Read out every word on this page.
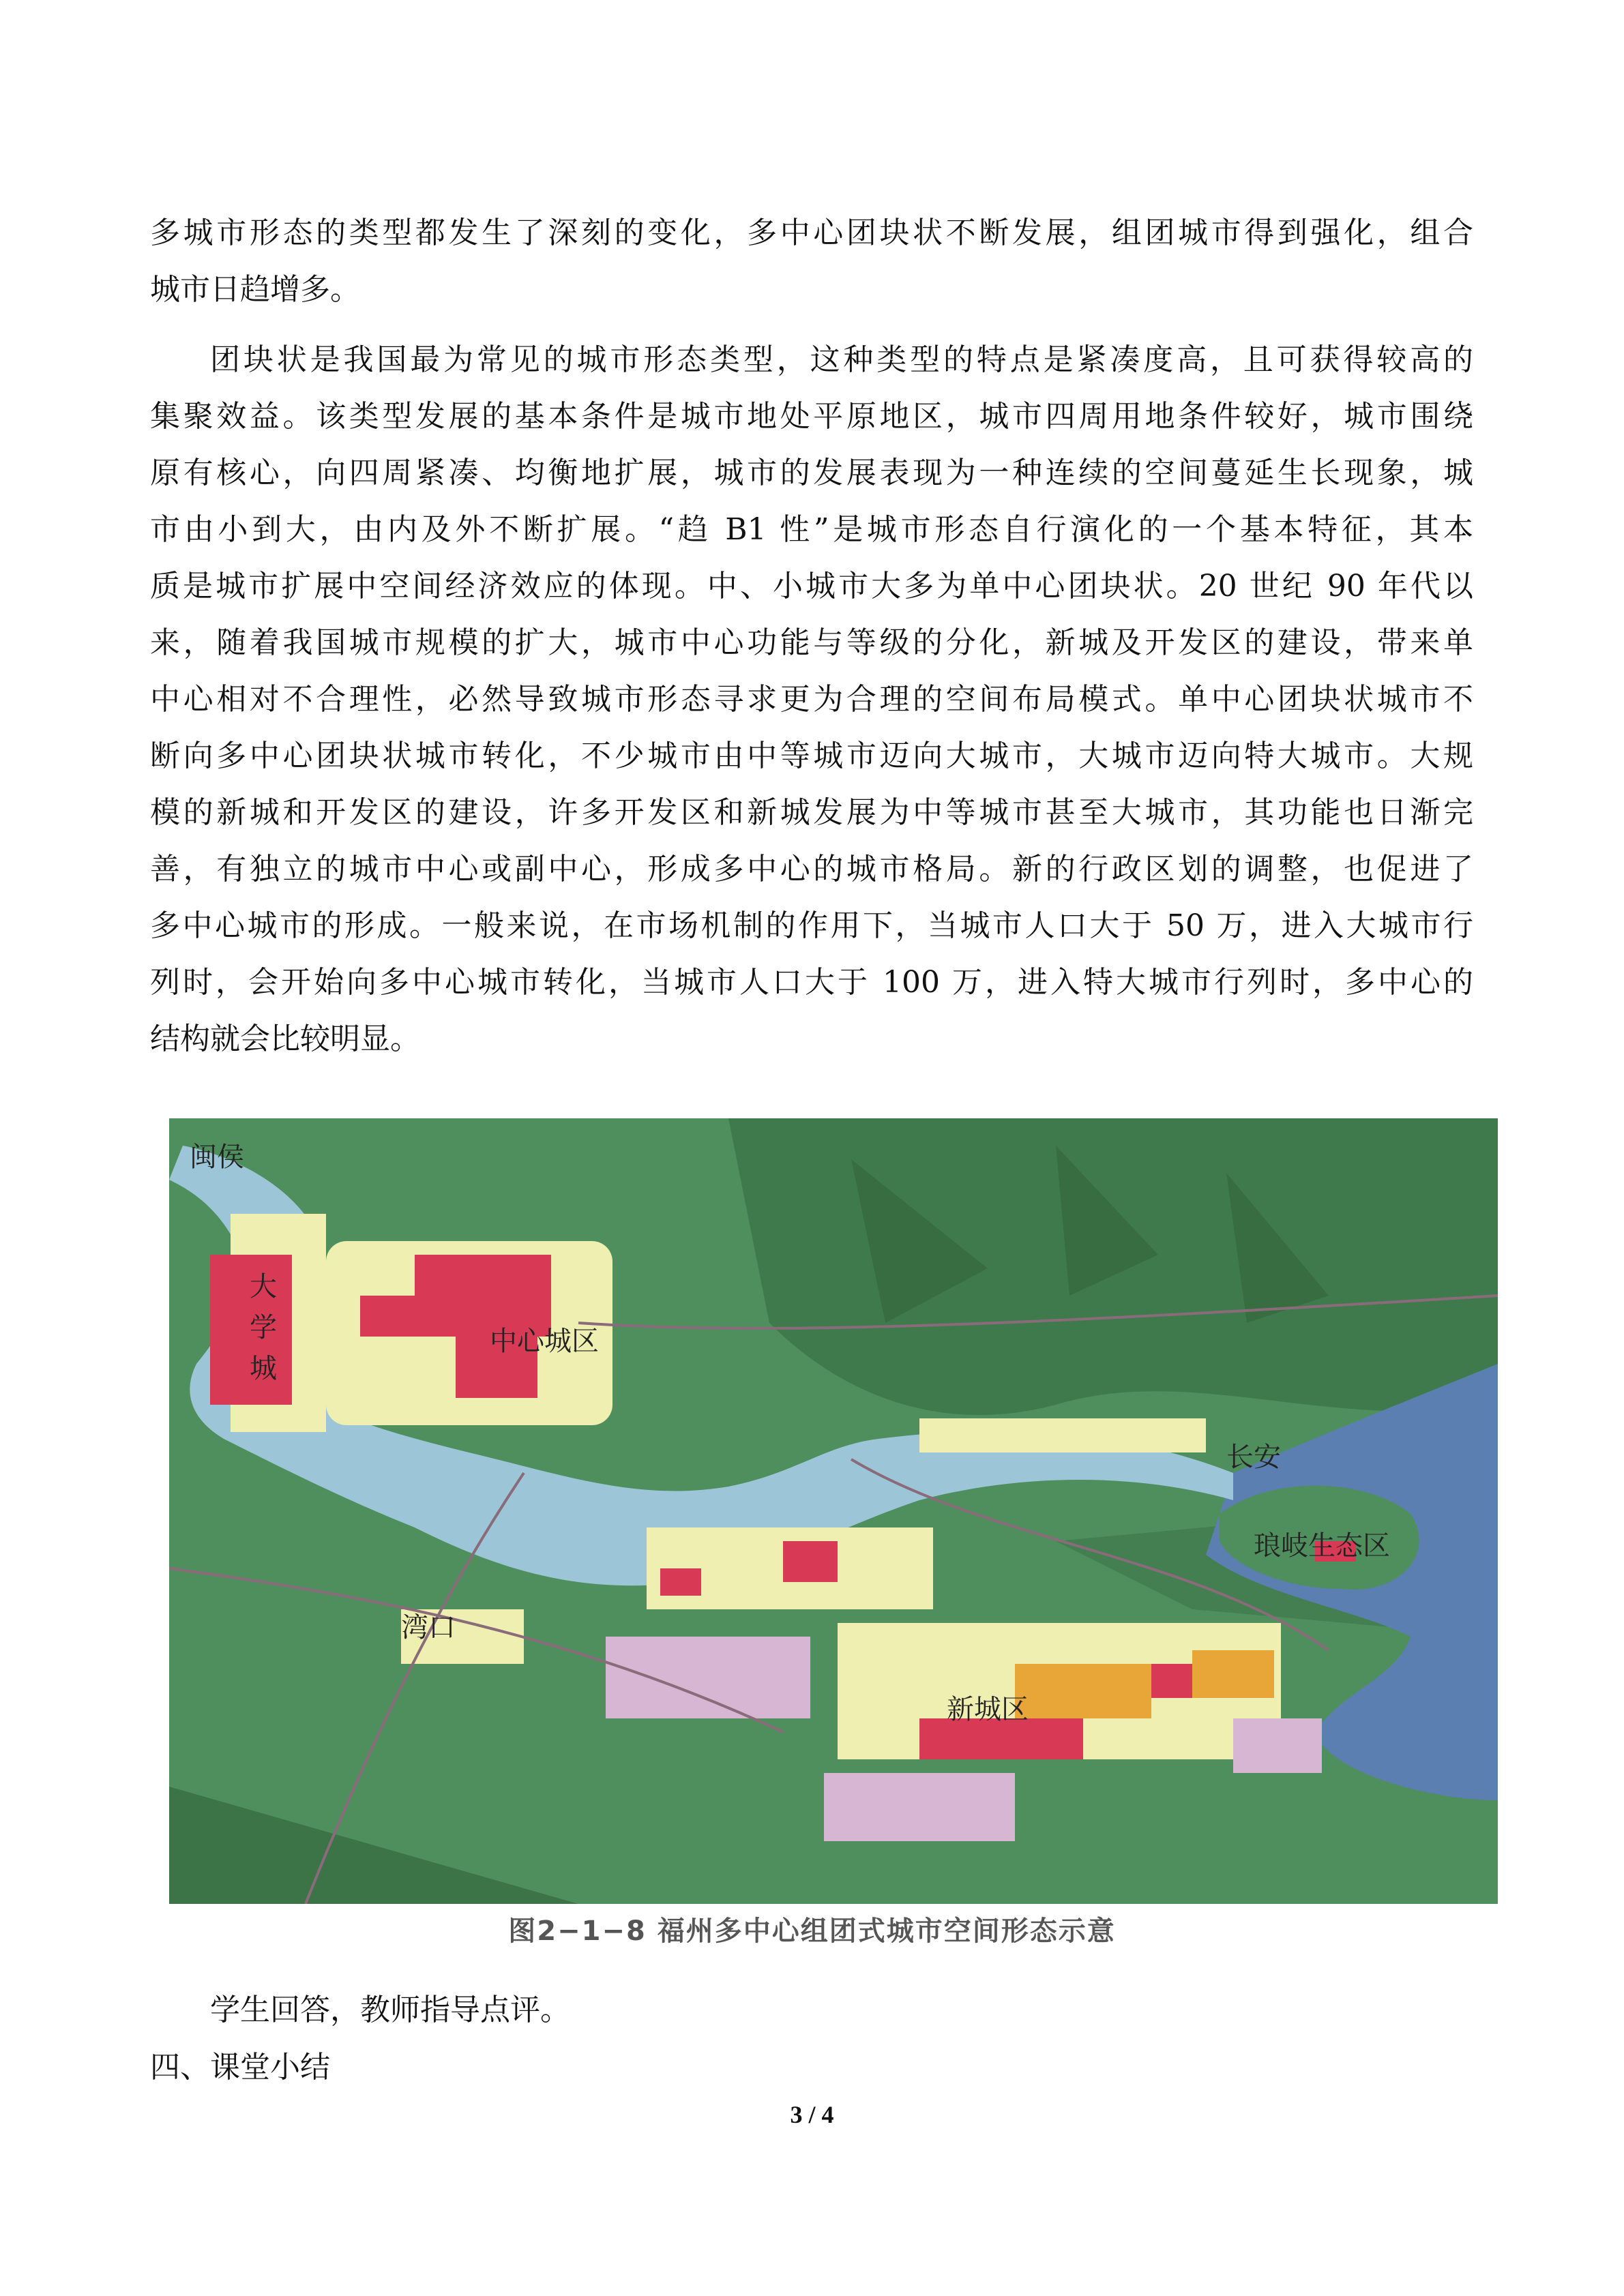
多城市形态的类型都发生了深刻的变化，多中心团块状不断发展，组团城市得到强化，组合
城市日趋增多。
团块状是我国最为常见的城市形态类型，这种类型的特点是紧凑度高，且可获得较高的
集聚效益。该类型发展的基本条件是城市地处平原地区，城市四周用地条件较好，城市围绕
原有核心，向四周紧凑、均衡地扩展，城市的发展表现为一种连续的空间蔓延生长现象，城
市由小到大，由内及外不断扩展。“趋 B1 性”是城市形态自行演化的一个基本特征，其本
质是城市扩展中空间经济效应的体现。中、小城市大多为单中心团块状。20 世纪 90 年代以
来，随着我国城市规模的扩大，城市中心功能与等级的分化，新城及开发区的建设，带来单
中心相对不合理性，必然导致城市形态寻求更为合理的空间布局模式。单中心团块状城市不
断向多中心团块状城市转化，不少城市由中等城市迈向大城市，大城市迈向特大城市。大规
模的新城和开发区的建设，许多开发区和新城发展为中等城市甚至大城市，其功能也日渐完
善，有独立的城市中心或副中心，形成多中心的城市格局。新的行政区划的调整，也促进了
多中心城市的形成。一般来说，在市场机制的作用下，当城市人口大于 50 万，进入大城市行
列时，会开始向多中心城市转化，当城市人口大于 100 万，进入特大城市行列时，多中心的
结构就会比较明显。
闽侯
大
学
城
中心城区
长安
琅岐生态区
湾口
新城区
图2−1−8 福州多中心组团式城市空间形态示意
学生回答，教师指导点评。
四、课堂小结
3 / 4
